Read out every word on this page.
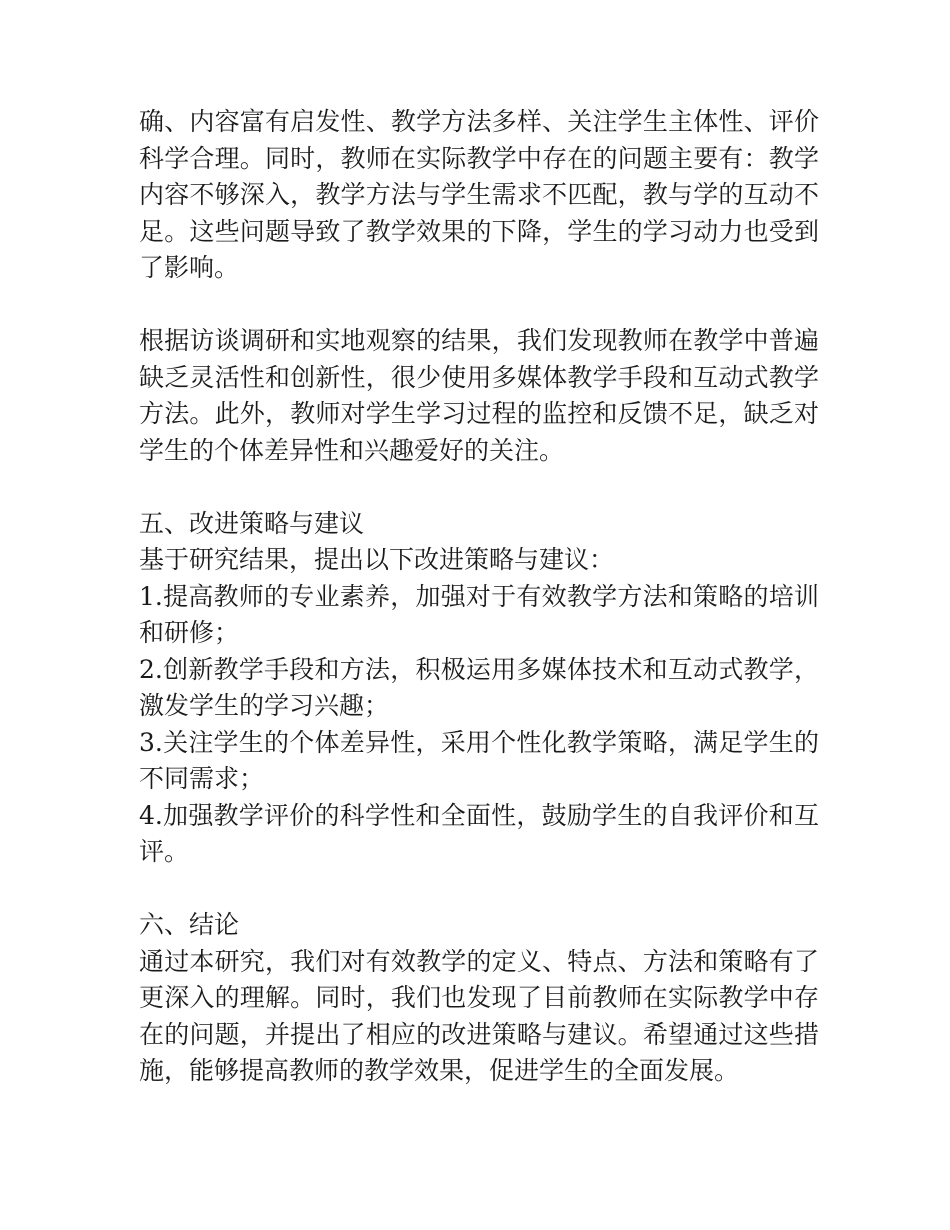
确、内容富有启发性、教学方法多样、关注学生主体性、评价科学合理。同时，教师在实际教学中存在的问题主要有：教学内容不够深入，教学方法与学生需求不匹配，教与学的互动不足。这些问题导致了教学效果的下降，学生的学习动力也受到了影响。

根据访谈调研和实地观察的结果，我们发现教师在教学中普遍缺乏灵活性和创新性，很少使用多媒体教学手段和互动式教学方法。此外，教师对学生学习过程的监控和反馈不足，缺乏对学生的个体差异性和兴趣爱好的关注。

五、改进策略与建议

基于研究结果，提出以下改进策略与建议：

1.提高教师的专业素养，加强对于有效教学方法和策略的培训和研修；

2.创新教学手段和方法，积极运用多媒体技术和互动式教学，激发学生的学习兴趣；

3.关注学生的个体差异性，采用个性化教学策略，满足学生的不同需求；

4.加强教学评价的科学性和全面性，鼓励学生的自我评价和互评。

六、结论

通过本研究，我们对有效教学的定义、特点、方法和策略有了更深入的理解。同时，我们也发现了目前教师在实际教学中存在的问题，并提出了相应的改进策略与建议。希望通过这些措施，能够提高教师的教学效果，促进学生的全面发展。
